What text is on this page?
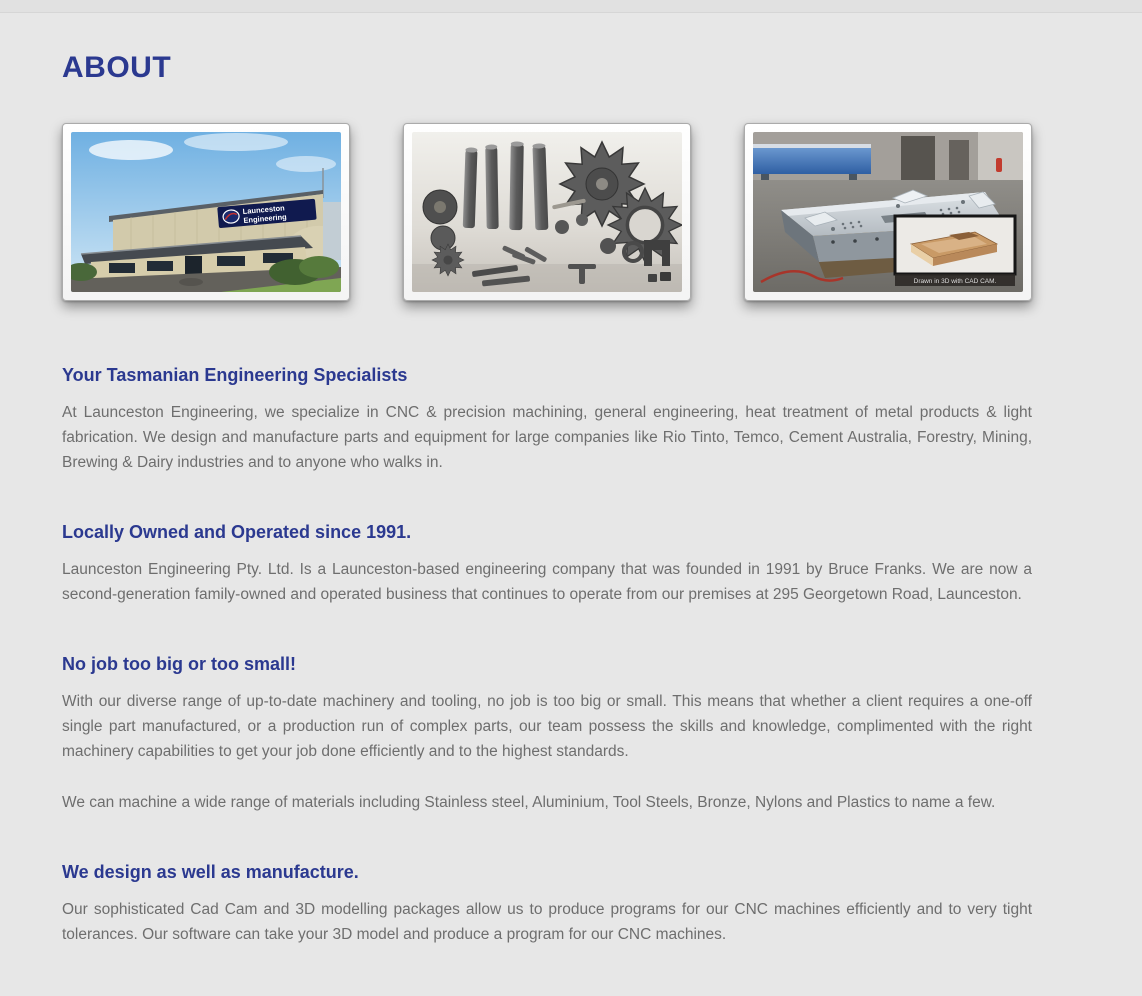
ABOUT
Launceston
Engineering
Drawn in 3D with CAD CAM.
Your Tasmanian Engineering Specialists

At Launceston Engineering, we specialize in CNC & precision machining, general engineering, heat treatment of metal products & light fabrication. We design and manufacture parts and equipment for large companies like Rio Tinto, Temco, Cement Australia, Forestry, Mining, Brewing & Dairy industries and to anyone who walks in.

Locally Owned and Operated since 1991.

Launceston Engineering Pty. Ltd. Is a Launceston-based engineering company that was founded in 1991 by Bruce Franks. We are now a second-generation family-owned and operated business that continues to operate from our premises at 295 Georgetown Road, Launceston.

No job too big or too small!

With our diverse range of up-to-date machinery and tooling, no job is too big or small. This means that whether a client requires a one-off single part manufactured, or a production run of complex parts, our team possess the skills and knowledge, complimented with the right machinery capabilities to get your job done efficiently and to the highest standards.

We can machine a wide range of materials including Stainless steel, Aluminium, Tool Steels, Bronze, Nylons and Plastics to name a few.

We design as well as manufacture.

Our sophisticated Cad Cam and 3D modelling packages allow us to produce programs for our CNC machines efficiently and to very tight tolerances. Our software can take your 3D model and produce a program for our CNC machines.
